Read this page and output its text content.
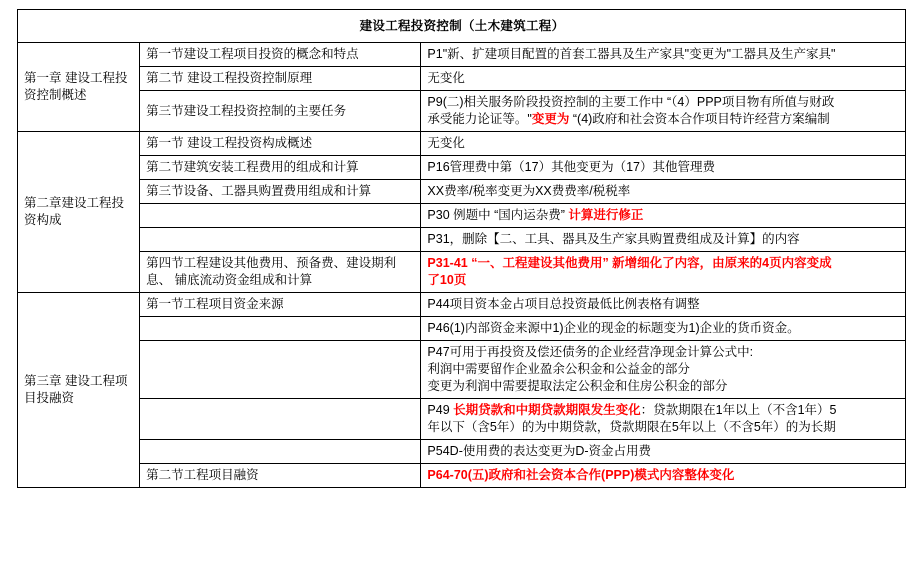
建设工程投资控制（土木建筑工程）		
第一章 建设工程投资控制概述	第一节建设工程项目投资的概念和特点	P1"新、扩建项目配置的首套工器具及生产家具"变更为"工器具及生产家具"

	第二节 建设工程投资控制原理	无变化

	第三节建设工程投资控制的主要任务	P9(二)相关服务阶段投资控制的主要工作中 “（4）PPP项目物有所值与财政
承受能力论证等。"变更为 “(4)政府和社会资本合作项目特许经营方案编制

第二章建设工程投资构成	第一节 建设工程投资构成概述	无变化

	第二节建筑安装工程费用的组成和计算	P16管理费中第（17）其他变更为（17）其他管理费

	第三节设备、工器具购置费用组成和计算	XX费率/税率变更为XX费费率/税税率

		P30 例题中 “国内运杂费” 计算进行修正

		P31，删除【二、工具、器具及生产家具购置费组成及计算】的内容

	第四节工程建设其他费用、预备费、建设期利息、 铺底流动资金组成和计算	P31-41 “一、工程建设其他费用” 新增细化了内容，由原来的4页内容变成
了10页

第三章 建设工程项目投融资	第一节工程项目资金来源	P44项目资本金占项目总投资最低比例表格有调整

		P46(1)内部资金来源中1)企业的现金的标题变为1)企业的货币资金。

		P47可用于再投资及偿还债务的企业经营净现金计算公式中:
利润中需要留作企业盈余公积金和公益金的部分
变更为利润中需要提取法定公积金和住房公积金的部分

		P49 长期贷款和中期贷款期限发生变化：贷款期限在1年以上（不含1年）5
年以下（含5年）的为中期贷款，贷款期限在5年以上（不含5年）的为长期

		P54D-使用费的表达变更为D-资金占用费

	第二节工程项目融资	P64-70(五)政府和社会资本合作(PPP)模式内容整体变化
